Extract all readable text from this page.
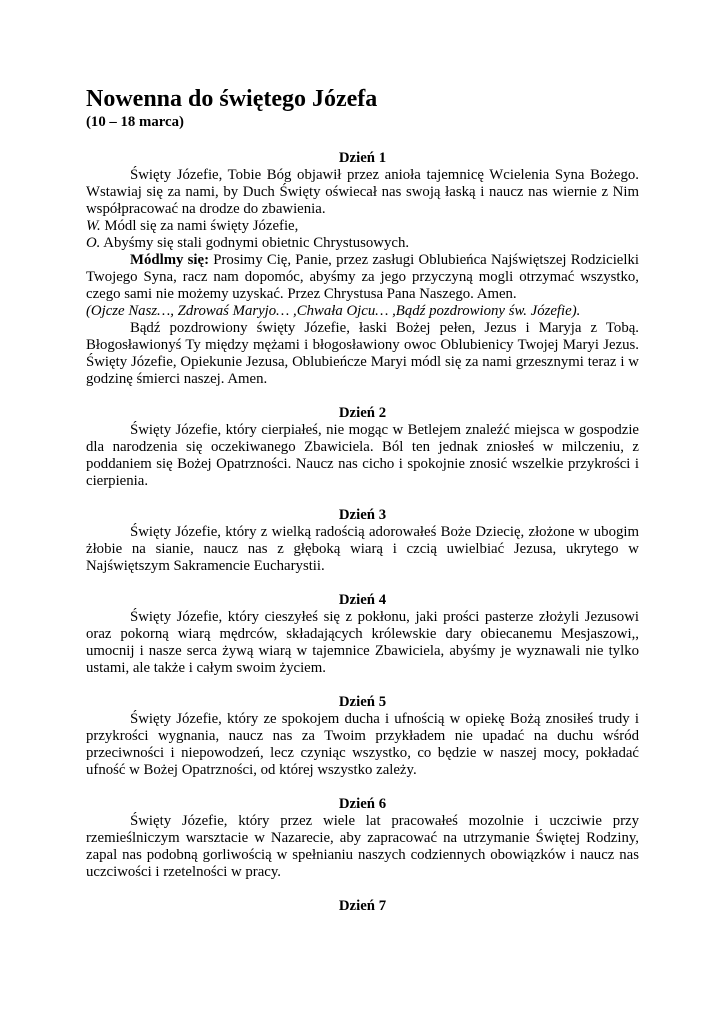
Nowenna do świętego Józefa

(10 – 18 marca)

Dzień 1

Święty Józefie, Tobie Bóg objawił przez anioła tajemnicę Wcielenia Syna Bożego. Wstawiaj się za nami, by Duch Święty oświecał nas swoją łaską i naucz nas wiernie z Nim współpracować na drodze do zbawienia.

W. Módl się za nami święty Józefie,

O. Abyśmy się stali godnymi obietnic Chrystusowych.

Módlmy się: Prosimy Cię, Panie, przez zasługi Oblubieńca Najświętszej Rodzicielki Twojego Syna, racz nam dopomóc, abyśmy za jego przyczyną mogli otrzymać wszystko, czego sami nie możemy uzyskać. Przez Chrystusa Pana Naszego. Amen.

(Ojcze Nasz…, Zdrowaś Maryjo… ,Chwała Ojcu… ,Bądź pozdrowiony św. Józefie).

Bądź pozdrowiony święty Józefie, łaski Bożej pełen, Jezus i Maryja z Tobą. Błogosławionyś Ty między mężami i błogosławiony owoc Oblubienicy Twojej Maryi Jezus. Święty Józefie, Opiekunie Jezusa, Oblubieńcze Maryi módl się za nami grzesznymi teraz i w godzinę śmierci naszej. Amen.

Dzień 2

Święty Józefie, który cierpiałeś, nie mogąc w Betlejem znaleźć miejsca w gospodzie dla narodzenia się oczekiwanego Zbawiciela. Ból ten jednak zniosłeś w milczeniu, z poddaniem się Bożej Opatrzności. Naucz nas cicho i spokojnie znosić wszelkie przykrości i cierpienia.

Dzień 3

Święty Józefie, który z wielką radością adorowałeś Boże Dziecię, złożone w ubogim żłobie na sianie, naucz nas z głęboką wiarą i czcią uwielbiać Jezusa, ukrytego w Najświętszym Sakramencie Eucharystii.

Dzień 4

Święty Józefie, który cieszyłeś się z pokłonu, jaki prości pasterze złożyli Jezusowi oraz pokorną wiarą mędrców, składających królewskie dary obiecanemu Mesjaszowi,, umocnij i nasze serca żywą wiarą w tajemnice Zbawiciela, abyśmy je wyznawali nie tylko ustami, ale także i całym swoim życiem.

Dzień 5

Święty Józefie, który ze spokojem ducha i ufnością w opiekę Bożą znosiłeś trudy i przykrości wygnania, naucz nas za Twoim przykładem nie upadać na duchu wśród przeciwności i niepowodzeń, lecz czyniąc wszystko, co będzie w naszej mocy, pokładać ufność w Bożej Opatrzności, od której wszystko zależy.

Dzień 6

Święty Józefie, który przez wiele lat pracowałeś mozolnie i uczciwie przy rzemieślniczym warsztacie w Nazarecie, aby zapracować na utrzymanie Świętej Rodziny, zapal nas podobną gorliwością w spełnianiu naszych codziennych obowiązków i naucz nas uczciwości i rzetelności w pracy.

Dzień 7
